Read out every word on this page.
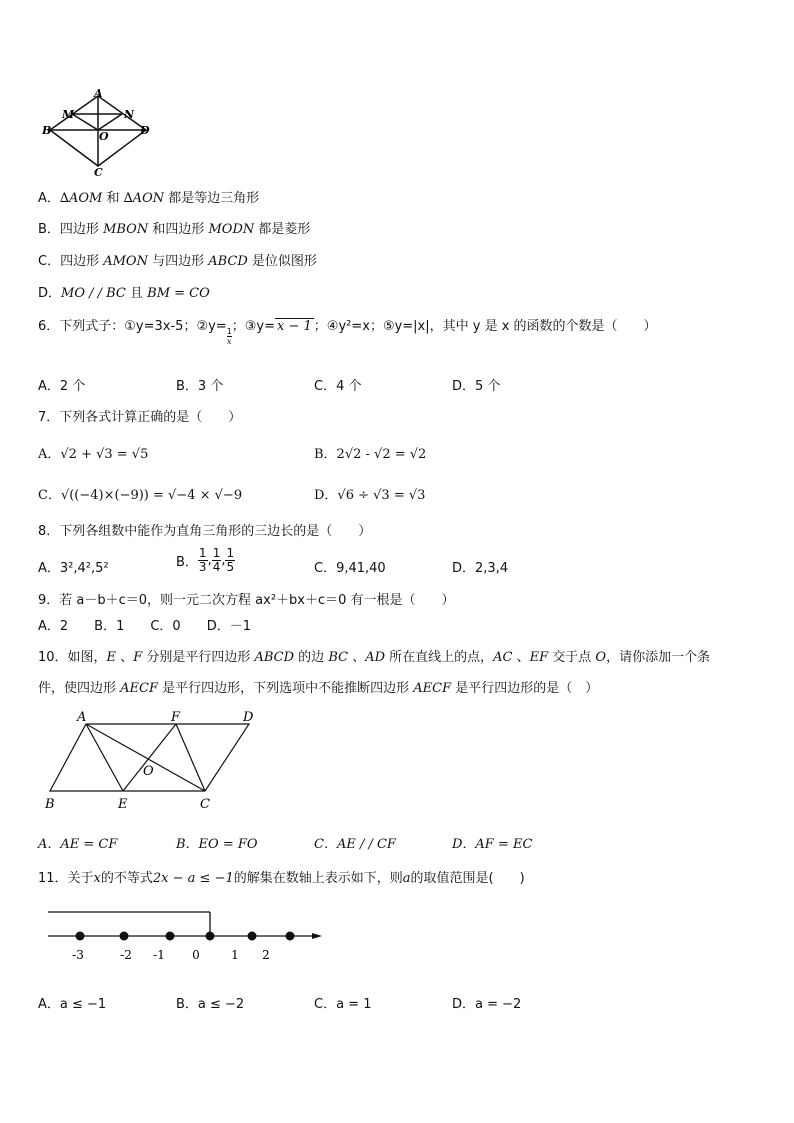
A
M	N
B	O	D
C
A．∆AOM 和 ∆AON 都是等边三角形
B．四边形 MBON 和四边形 MODN 都是菱形
C．四边形 AMON 与四边形 ABCD 是位似图形
D．MO / / BC 且 BM = CO
6．下列式子：①y=3x-5；②y=
$\frac{1}{x}$
；③y= x − 1 ；④y²=x；⑤y=|x|，其中 y 是 x 的函数的个数是（　　）
A．2 个	B．3 个	C．4 个	D．5 个
7．下列各式计算正确的是（　　）
A．√2 + √3 = √5	B．2√2 - √2 = √2
C．√((−4)×(−9)) = √−4 × √−9	D．√6 ÷ √3 = √3
8．下列各组数中能作为直角三角形的三边长的是（　　）
A．3²,4²,5²	B． $\frac{1}{3}$ , $\frac{1}{4}$ , $\frac{1}{5}$	C．9,41,40	D．2,3,4
9．若 a－b＋c＝0，则一元二次方程 ax²＋bx＋c＝0 有一根是（　　）
A．2　　B．1　　C．0　　D．－1
10．如图，E 、F 分别是平行四边形 ABCD 的边 BC 、AD 所在直线上的点，AC 、EF 交于点 O，请你添加一个条
件，使四边形 AECF 是平行四边形，下列选项中不能推断四边形 AECF 是平行四边形的是（　）
A	F	D
O
B	E	C
A．AE = CF	B．EO = FO	C．AE / / CF	D．AF = EC
11．关于x的不等式2x − a ≤ −1的解集在数轴上表示如下，则a的取值范围是(　　)
-3	-2 -1 0	1 2
A．a ≤ −1	B．a ≤ −2	C．a = 1	D．a = −2
